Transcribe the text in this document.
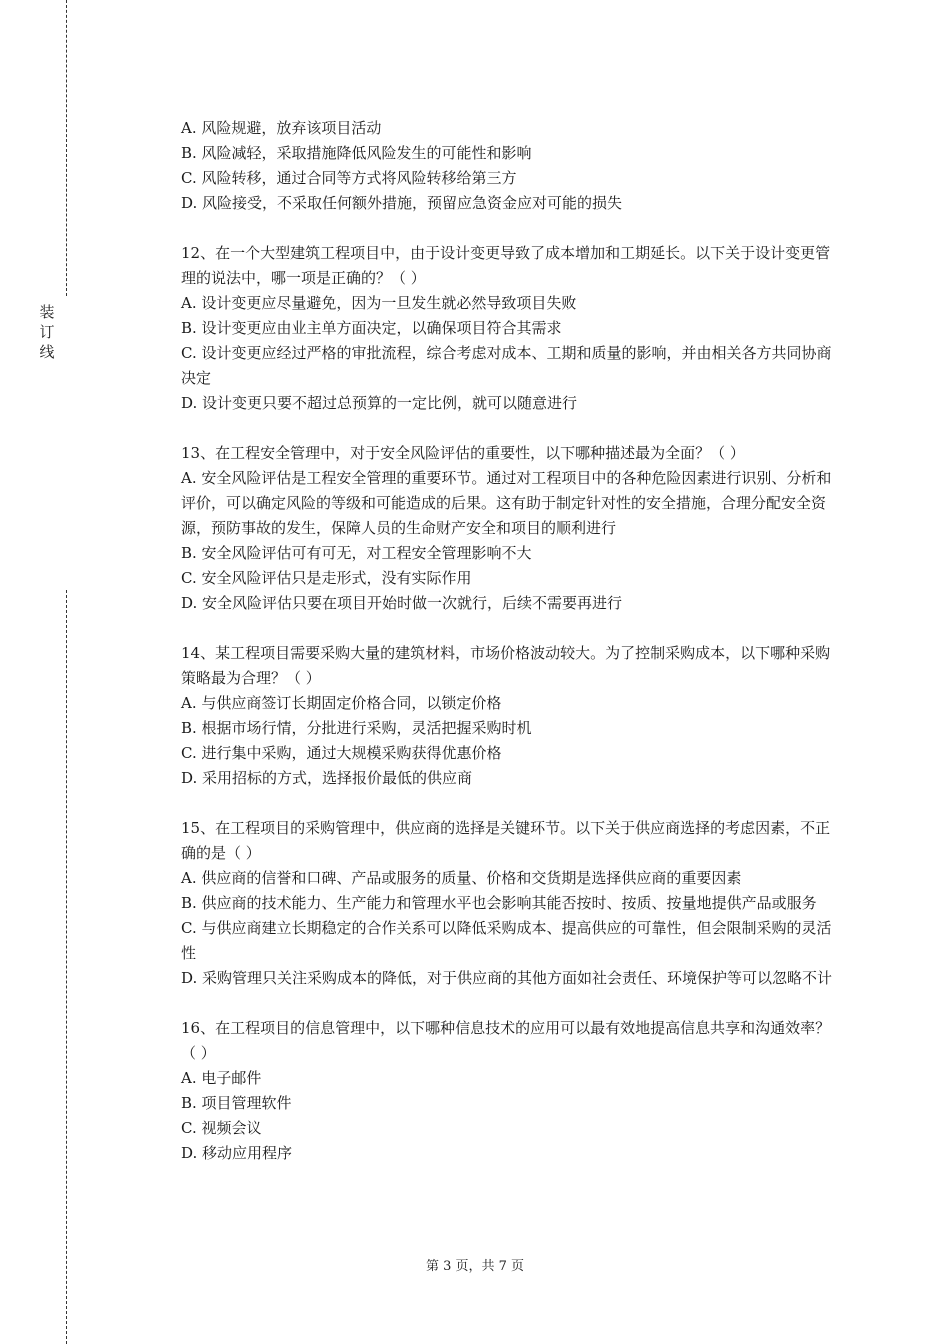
装
订
线

A. 风险规避，放弃该项目活动

B. 风险减轻，采取措施降低风险发生的可能性和影响

C. 风险转移，通过合同等方式将风险转移给第三方

D. 风险接受，不采取任何额外措施，预留应急资金应对可能的损失

12、在一个大型建筑工程项目中，由于设计变更导致了成本增加和工期延长。以下关于设计变更管理的说法中，哪一项是正确的？（ ）

A. 设计变更应尽量避免，因为一旦发生就必然导致项目失败

B. 设计变更应由业主单方面决定，以确保项目符合其需求

C. 设计变更应经过严格的审批流程，综合考虑对成本、工期和质量的影响，并由相关各方共同协商决定

D. 设计变更只要不超过总预算的一定比例，就可以随意进行

13、在工程安全管理中，对于安全风险评估的重要性，以下哪种描述最为全面？（ ）

A. 安全风险评估是工程安全管理的重要环节。通过对工程项目中的各种危险因素进行识别、分析和评价，可以确定风险的等级和可能造成的后果。这有助于制定针对性的安全措施，合理分配安全资源，预防事故的发生，保障人员的生命财产安全和项目的顺利进行

B. 安全风险评估可有可无，对工程安全管理影响不大

C. 安全风险评估只是走形式，没有实际作用

D. 安全风险评估只要在项目开始时做一次就行，后续不需要再进行

14、某工程项目需要采购大量的建筑材料，市场价格波动较大。为了控制采购成本，以下哪种采购策略最为合理？（ ）

A. 与供应商签订长期固定价格合同，以锁定价格

B. 根据市场行情，分批进行采购，灵活把握采购时机

C. 进行集中采购，通过大规模采购获得优惠价格

D. 采用招标的方式，选择报价最低的供应商

15、在工程项目的采购管理中，供应商的选择是关键环节。以下关于供应商选择的考虑因素，不正确的是（ ）

A. 供应商的信誉和口碑、产品或服务的质量、价格和交货期是选择供应商的重要因素

B. 供应商的技术能力、生产能力和管理水平也会影响其能否按时、按质、按量地提供产品或服务

C. 与供应商建立长期稳定的合作关系可以降低采购成本、提高供应的可靠性，但会限制采购的灵活性

D. 采购管理只关注采购成本的降低，对于供应商的其他方面如社会责任、环境保护等可以忽略不计

16、在工程项目的信息管理中，以下哪种信息技术的应用可以最有效地提高信息共享和沟通效率？（ ）

A. 电子邮件

B. 项目管理软件

C. 视频会议

D. 移动应用程序

第 3 页，共 7 页
